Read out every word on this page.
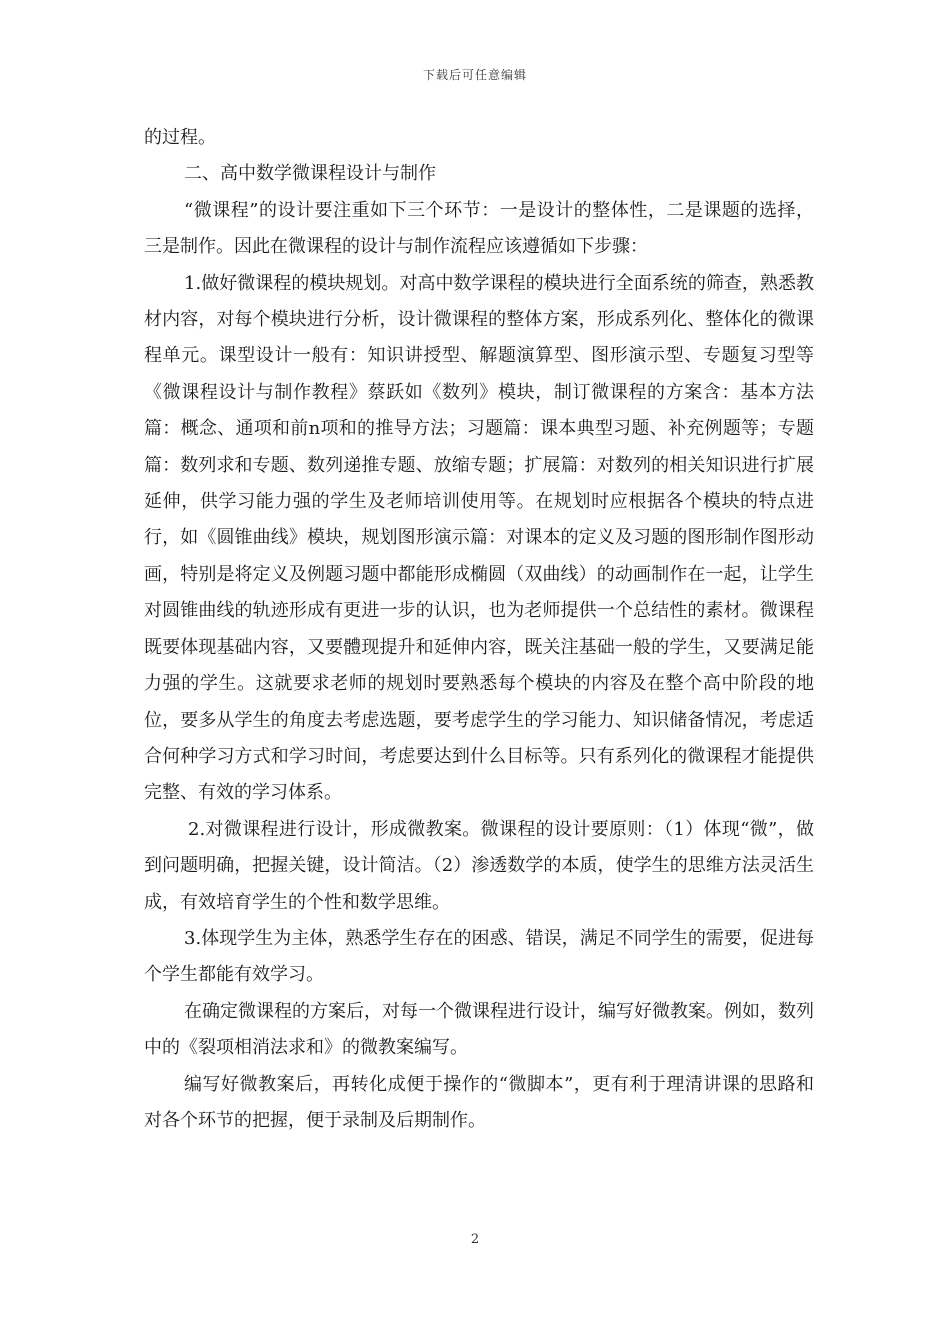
下载后可任意编辑

的过程。

二、高中数学微课程设计与制作

“微课程”的设计要注重如下三个环节：一是设计的整体性，二是课题的选择，三是制作。因此在微课程的设计与制作流程应该遵循如下步骤：

1.做好微课程的模块规划。对高中数学课程的模块进行全面系统的筛查，熟悉教材内容，对每个模块进行分析，设计微课程的整体方案，形成系列化、整体化的微课程单元。课型设计一般有：知识讲授型、解题演算型、图形演示型、专题复习型等《微课程设计与制作教程》蔡跃如《数列》模块，制订微课程的方案含：基本方法篇：概念、通项和前n项和的推导方法；习题篇：课本典型习题、补充例题等；专题篇：数列求和专题、数列递推专题、放缩专题；扩展篇：对数列的相关知识进行扩展延伸，供学习能力强的学生及老师培训使用等。在规划时应根据各个模块的特点进行，如《圆锥曲线》模块，规划图形演示篇：对课本的定义及习题的图形制作图形动画，特别是将定义及例题习题中都能形成椭圆（双曲线）的动画制作在一起，让学生对圆锥曲线的轨迹形成有更进一步的认识，也为老师提供一个总结性的素材。微课程既要体现基础内容，又要體现提升和延伸内容，既关注基础一般的学生，又要满足能力强的学生。这就要求老师的规划时要熟悉每个模块的内容及在整个高中阶段的地位，要多从学生的角度去考虑选题，要考虑学生的学习能力、知识储备情况，考虑适合何种学习方式和学习时间，考虑要达到什么目标等。只有系列化的微课程才能提供完整、有效的学习体系。

2.对微课程进行设计，形成微教案。微课程的设计要原则：（1）体现“微”，做到问题明确，把握关键，设计简洁。（2）渗透数学的本质，使学生的思维方法灵活生成，有效培育学生的个性和数学思维。

3.体现学生为主体，熟悉学生存在的困惑、错误，满足不同学生的需要，促进每个学生都能有效学习。

在确定微课程的方案后，对每一个微课程进行设计，编写好微教案。例如，数列中的《裂项相消法求和》的微教案编写。

编写好微教案后，再转化成便于操作的“微脚本”，更有利于理清讲课的思路和对各个环节的把握，便于录制及后期制作。

2
